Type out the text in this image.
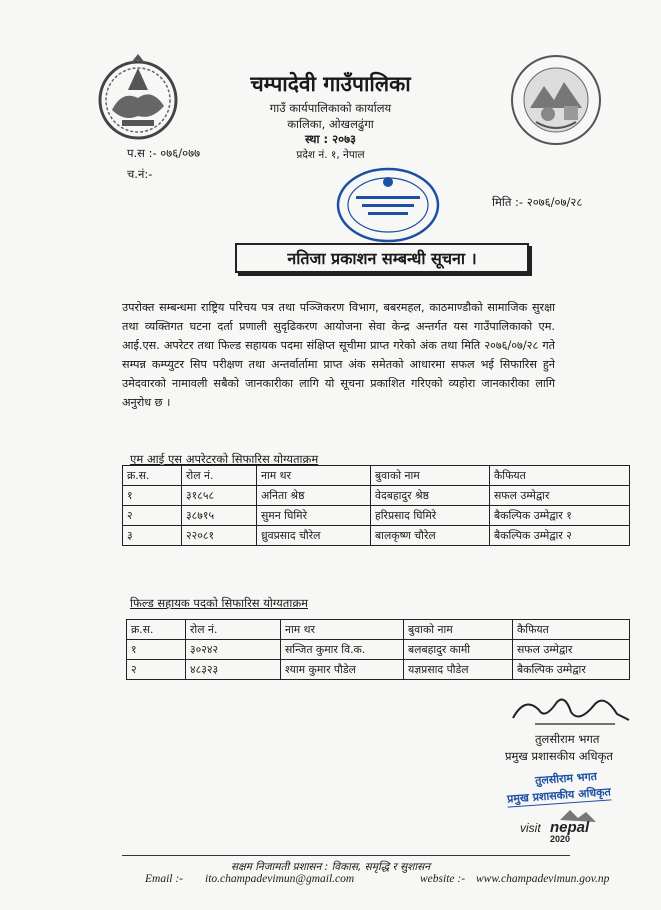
चम्पादेवी गाउँपालिका
गाउँ कार्यपालिकाको कार्यालय
कालिका, ओखलढुंगा
स्था : २०७३
प्रदेश नं. १, नेपाल
प.स :- ०७६/०७७
च.नं:-
मिति :- २०७६/०७/२८
नतिजा प्रकाशन सम्बन्धी सूचना ।
उपरोक्त सम्बन्धमा राष्ट्रिय परिचय पत्र तथा पञ्जिकरण विभाग, बबरमहल, काठमाण्डौको सामाजिक सुरक्षा तथा व्यक्तिगत घटना दर्ता प्रणाली सुदृढिकरण आयोजना सेवा केन्द्र अन्तर्गत यस गाउँपालिकाको एम. आई.एस. अपरेटर तथा फिल्ड सहायक पदमा संक्षिप्त सूचीमा प्राप्त गरेको अंक तथा मिति २०७६/०७/२८ गते सम्पन्न कम्प्युटर सिप परीक्षण तथा अन्तर्वार्तामा प्राप्त अंक समेतको आधारमा सफल भई सिफारिस हुने उमेदवारको नामावली सबैको जानकारीका लागि यो सूचना प्रकाशित गरिएको व्यहोरा जानकारीका लागि अनुरोध छ ।
एम आई एस अपरेटरको सिफारिस योग्यताक्रम
क्र.स.	रोल नं.	नाम थर	बुवाको नाम	कैफियत
१	३१८५८	अनिता श्रेष्ठ	वेदबहादुर श्रेष्ठ	सफल उम्मेद्वार
२	३८७१५	सुमन घिमिरे	हरिप्रसाद घिमिरे	बैकल्पिक उम्मेद्वार १
३	२२०८१	ध्रुवप्रसाद चौरेल	बालकृष्ण चौरेल	बैकल्पिक उम्मेद्वार २
फिल्ड सहायक पदको सिफारिस योग्यताक्रम
क्र.स.	रोल नं.	नाम थर	बुवाको नाम	कैफियत
१	३०२४२	सन्जित कुमार वि.क.	बलबहादुर कामी	सफल उम्मेद्वार
२	४८३२३	श्याम कुमार पौडेल	यज्ञप्रसाद पौडेल	बैकल्पिक उम्मेद्वार
तुलसीराम भगत
प्रमुख प्रशासकीय अधिकृत
तुलसीराम भगत
प्रमुख प्रशासकीय अधिकृत
visit nepal
2020
सक्षम निजामती प्रशासन : विकास, समृद्धि र सुशासन
Email :- ito.champadevimun@gmail.com	website :- www.champadevimun.gov.np
